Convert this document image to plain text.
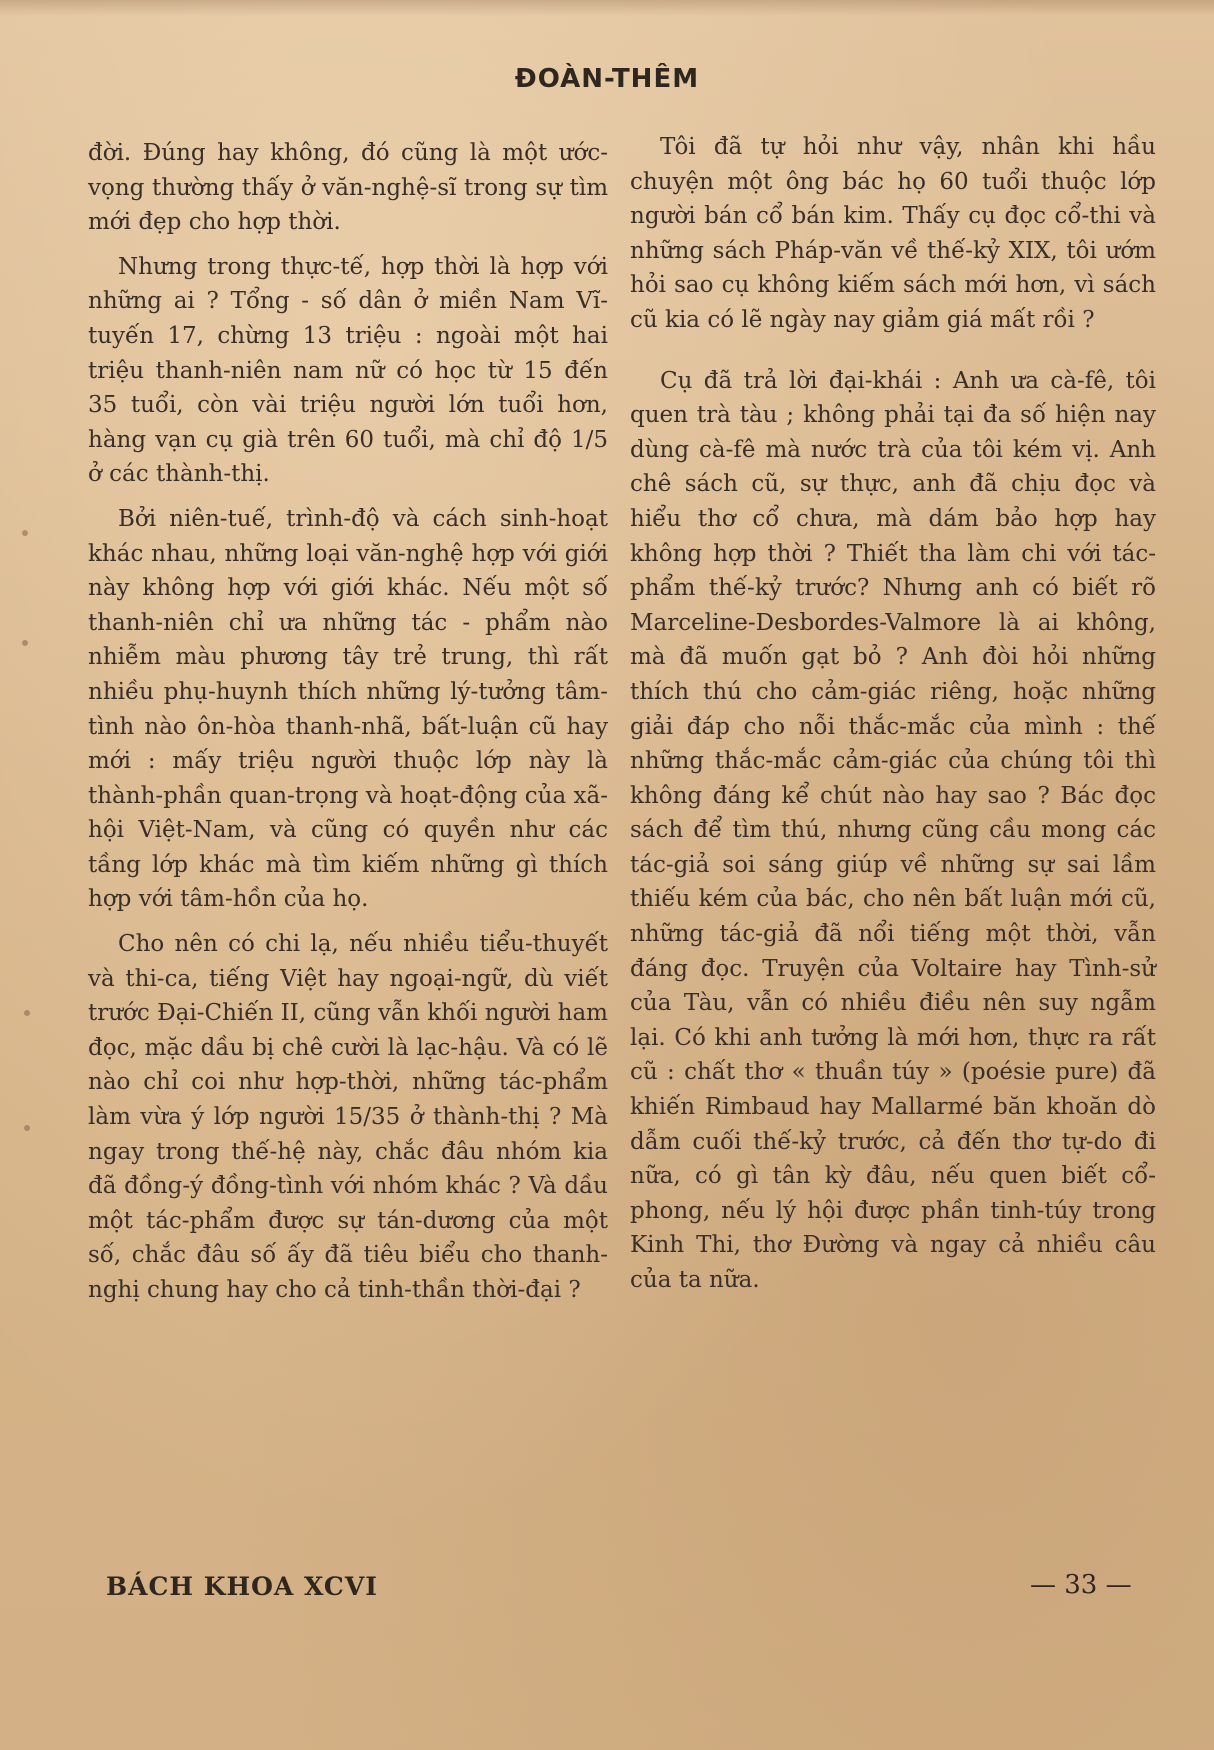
ĐOÀN-THÊM

đời. Đúng hay không, đó cũng là một ước-vọng thường thấy ở văn-nghệ-sĩ trong sự tìm mới đẹp cho hợp thời.

Nhưng trong thực-tế, hợp thời là hợp với những ai ? Tổng - số dân ở miền Nam Vĩ-tuyến 17, chừng 13 triệu : ngoài một hai triệu thanh-niên nam nữ có học từ 15 đến 35 tuổi, còn vài triệu người lớn tuổi hơn, hàng vạn cụ già trên 60 tuổi, mà chỉ độ 1/5 ở các thành-thị.

Bởi niên-tuế, trình-độ và cách sinh-hoạt khác nhau, những loại văn-nghệ hợp với giới này không hợp với giới khác. Nếu một số thanh-niên chỉ ưa những tác - phẩm nào nhiễm màu phương tây trẻ trung, thì rất nhiều phụ-huynh thích những lý-tưởng tâm-tình nào ôn-hòa thanh-nhã, bất-luận cũ hay mới : mấy triệu người thuộc lớp này là thành-phần quan-trọng và hoạt-động của xã-hội Việt-Nam, và cũng có quyền như các tầng lớp khác mà tìm kiếm những gì thích hợp với tâm-hồn của họ.

Cho nên có chi lạ, nếu nhiều tiểu-thuyết và thi-ca, tiếng Việt hay ngoại-ngữ, dù viết trước Đại-Chiến II, cũng vẫn khối người ham đọc, mặc dầu bị chê cười là lạc-hậu. Và có lẽ nào chỉ coi như hợp-thời, những tác-phẩm làm vừa ý lớp người 15/35 ở thành-thị ? Mà ngay trong thế-hệ này, chắc đâu nhóm kia đã đồng-ý đồng-tình với nhóm khác ? Và dầu một tác-phẩm được sự tán-dương của một số, chắc đâu số ấy đã tiêu biểu cho thanh-nghị chung hay cho cả tinh-thần thời-đại ?

Tôi đã tự hỏi như vậy, nhân khi hầu chuyện một ông bác họ 60 tuổi thuộc lớp người bán cổ bán kim. Thấy cụ đọc cổ-thi và những sách Pháp-văn về thế-kỷ XIX, tôi ướm hỏi sao cụ không kiếm sách mới hơn, vì sách cũ kia có lẽ ngày nay giảm giá mất rồi ?

Cụ đã trả lời đại-khái : Anh ưa cà-fê, tôi quen trà tàu ; không phải tại đa số hiện nay dùng cà-fê mà nước trà của tôi kém vị. Anh chê sách cũ, sự thực, anh đã chịu đọc và hiểu thơ cổ chưa, mà dám bảo hợp hay không hợp thời ? Thiết tha làm chi với tác-phẩm thế-kỷ trước? Nhưng anh có biết rõ Marceline-Desbordes-Valmore là ai không, mà đã muốn gạt bỏ ? Anh đòi hỏi những thích thú cho cảm-giác riêng, hoặc những giải đáp cho nỗi thắc-mắc của mình : thế những thắc-mắc cảm-giác của chúng tôi thì không đáng kể chút nào hay sao ? Bác đọc sách để tìm thú, nhưng cũng cầu mong các tác-giả soi sáng giúp về những sự sai lầm thiếu kém của bác, cho nên bất luận mới cũ, những tác-giả đã nổi tiếng một thời, vẫn đáng đọc. Truyện của Voltaire hay Tình-sử của Tàu, vẫn có nhiều điều nên suy ngẫm lại. Có khi anh tưởng là mới hơn, thực ra rất cũ : chất thơ « thuần túy » (poésie pure) đã khiến Rimbaud hay Mallarmé băn khoăn dò dẫm cuối thế-kỷ trước, cả đến thơ tự-do đi nữa, có gì tân kỳ đâu, nếu quen biết cổ-phong, nếu lý hội được phần tinh-túy trong Kinh Thi, thơ Đường và ngay cả nhiều câu của ta nữa.

BÁCH KHOA XCVI	— 33 —
